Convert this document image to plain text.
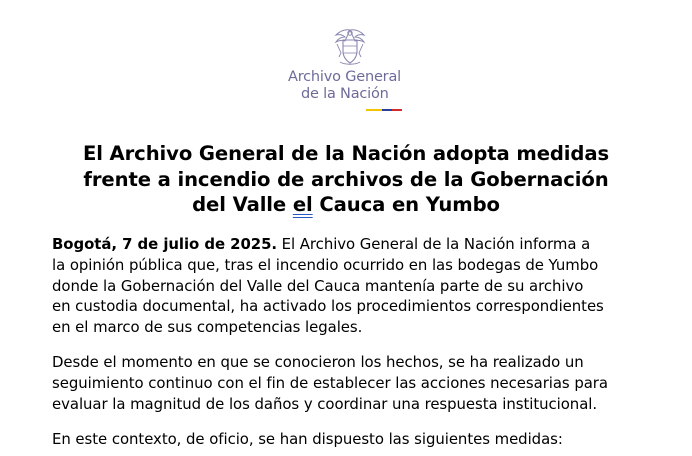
Archivo General
de la Nación
El Archivo General de la Nación adopta medidas
frente a incendio de archivos de la Gobernación
del Valle el Cauca en Yumbo
Bogotá, 7 de julio de 2025. El Archivo General de la Nación informa a
la opinión pública que, tras el incendio ocurrido en las bodegas de Yumbo
donde la Gobernación del Valle del Cauca mantenía parte de su archivo
en custodia documental, ha activado los procedimientos correspondientes
en el marco de sus competencias legales.
Desde el momento en que se conocieron los hechos, se ha realizado un
seguimiento continuo con el fin de establecer las acciones necesarias para
evaluar la magnitud de los daños y coordinar una respuesta institucional.
En este contexto, de oficio, se han dispuesto las siguientes medidas:
